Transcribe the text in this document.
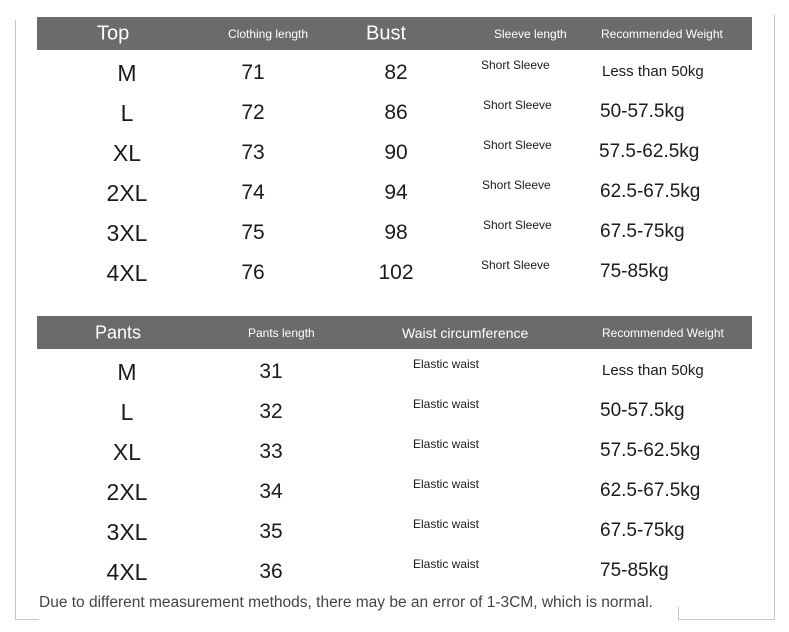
Top	Clothing length	Bust	Sleeve length	Recommended Weight
M	71	82	Short Sleeve	Less than 50kg
L	72	86	Short Sleeve	50-57.5kg
XL	73	90	Short Sleeve 57.5-62.5kg
2XL	74	94	Short Sleeve	62.5-67.5kg
3XL	75	98	Short Sleeve	67.5-75kg
4XL	76	102	Short Sleeve	75-85kg
Pants	Pants length	Waist circumference	Recommended Weight
M	31	Elastic waist	Less than 50kg
L	32	Elastic waist	50-57.5kg
XL	33	Elastic waist	57.5-62.5kg
2XL	34	Elastic waist	62.5-67.5kg
3XL	35	Elastic waist	67.5-75kg
4XL	36	Elastic waist	75-85kg
Due to different measurement methods, there may be an error of 1-3CM, which is normal.
